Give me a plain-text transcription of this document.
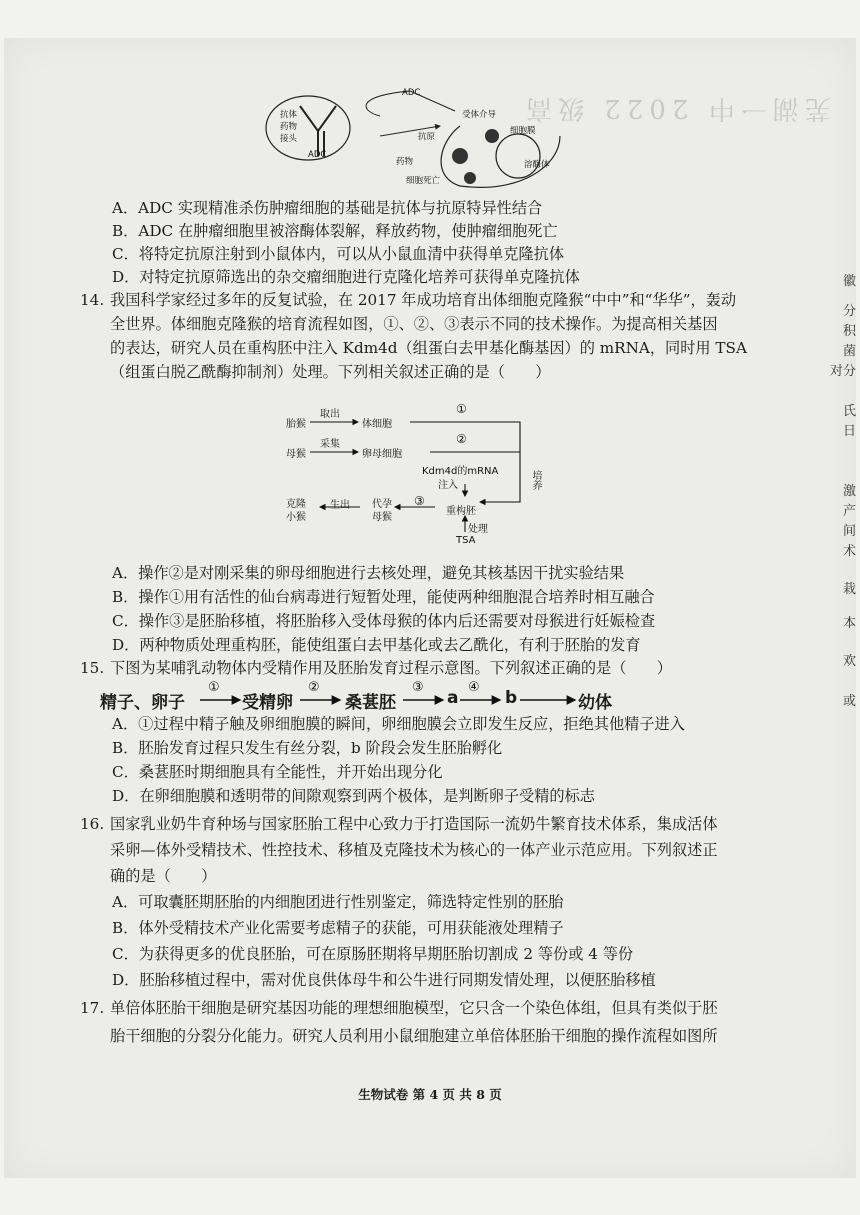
芜湖一中 2022 级高
ADC
抗体
药物
接头
ADC
受体介导
抗原
细胞膜
药物	溶酶体
细胞死亡
A．ADC 实现精准杀伤肿瘤细胞的基础是抗体与抗原特异性结合
B．ADC 在肿瘤细胞里被溶酶体裂解，释放药物，使肿瘤细胞死亡
C．将特定抗原注射到小鼠体内，可以从小鼠血清中获得单克隆抗体
D．对特定抗原筛选出的杂交瘤细胞进行克隆化培养可获得单克隆抗体
14. 我国科学家经过多年的反复试验，在 2017 年成功培育出体细胞克隆猴“中中”和“华华”，轰动
全世界。体细胞克隆猴的培育流程如图，①、②、③表示不同的技术操作。为提高相关基因
的表达，研究人员在重构胚中注入 Kdm4d（组蛋白去甲基化酶基因）的 mRNA，同时用 TSA
（组蛋白脱乙酰酶抑制剂）处理。下列相关叙述正确的是（　　）
胎猴
取出
体细胞
①
母猴
采集
卵母细胞
②
Kdm4d的mRNA
注入	培养
克隆
小猴
生出 代孕
母猴
③
重构胚
处理
TSA
A．操作②是对刚采集的卵母细胞进行去核处理，避免其核基因干扰实验结果
B．操作①用有活性的仙台病毒进行短暂处理，能使两种细胞混合培养时相互融合
C．操作③是胚胎移植，将胚胎移入受体母猴的体内后还需要对母猴进行妊娠检查
D．两种物质处理重构胚，能使组蛋白去甲基化或去乙酰化，有利于胚胎的发育
15. 下图为某哺乳动物体内受精作用及胚胎发育过程示意图。下列叙述正确的是（　　）
精子、卵子
①
受精卵
②
桑葚胚
③
a
④
b	幼体
A．①过程中精子触及卵细胞膜的瞬间，卵细胞膜会立即发生反应，拒绝其他精子进入
B．胚胎发育过程只发生有丝分裂，b 阶段会发生胚胎孵化
C．桑葚胚时期细胞具有全能性，并开始出现分化
D．在卵细胞膜和透明带的间隙观察到两个极体，是判断卵子受精的标志
16. 国家乳业奶牛育种场与国家胚胎工程中心致力于打造国际一流奶牛繁育技术体系，集成活体
采卵—体外受精技术、性控技术、移植及克隆技术为核心的一体产业示范应用。下列叙述正
确的是（　　）
A．可取囊胚期胚胎的内细胞团进行性别鉴定，筛选特定性别的胚胎
B．体外受精技术产业化需要考虑精子的获能，可用获能液处理精子
C．为获得更多的优良胚胎，可在原肠胚期将早期胚胎切割成 2 等份或 4 等份
D．胚胎移植过程中，需对优良供体母牛和公牛进行同期发情处理，以便胚胎移植
17. 单倍体胚胎干细胞是研究基因功能的理想细胞模型，它只含一个染色体组，但具有类似于胚
胎干细胞的分裂分化能力。研究人员利用小鼠细胞建立单倍体胚胎干细胞的操作流程如图所
生物试卷 第 4 页 共 8 页
徽
分
积
菌
对分
氏
日
激
产
间
术
栽
本
欢
或
